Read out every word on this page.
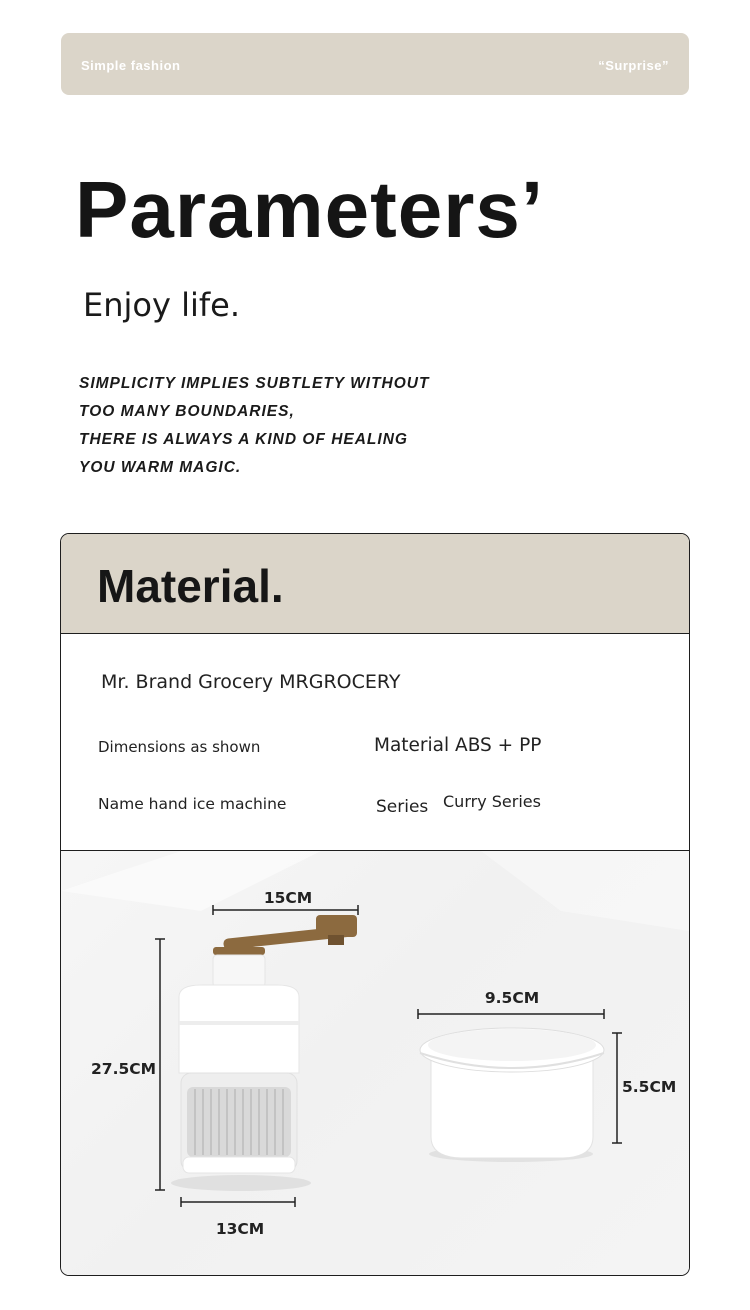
Simple fashion	“Surprise”
Parameters’
Enjoy life.
SIMPLICITY IMPLIES SUBTLETY WITHOUT
TOO MANY BOUNDARIES,
THERE IS ALWAYS A KIND OF HEALING
YOU WARM MAGIC.
Material.
Mr. Brand Grocery MRGROCERY
Dimensions as shown	Material ABS + PP
Name hand ice machine	Series Curry Series
15CM
27.5CM
13CM
9.5CM
5.5CM
